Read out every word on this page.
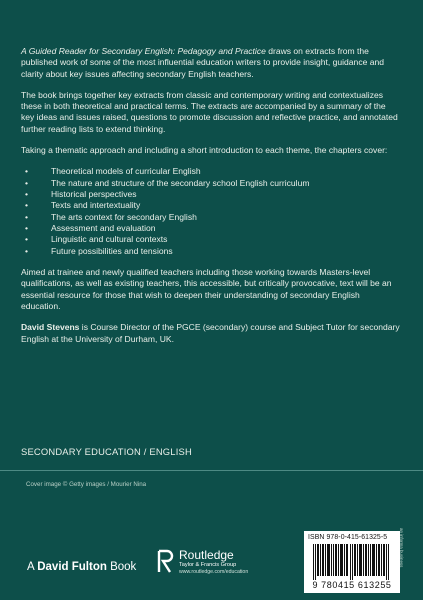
A Guided Reader for Secondary English: Pedagogy and Practice draws on extracts from the published work of some of the most influential education writers to provide insight, guidance and clarity about key issues affecting secondary English teachers.

The book brings together key extracts from classic and contemporary writing and contextualizes these in both theoretical and practical terms. The extracts are accompanied by a summary of the key ideas and issues raised, questions to promote discussion and reflective practice, and annotated further reading lists to extend thinking.

Taking a thematic approach and including a short introduction to each theme, the chapters cover:

•	Theoretical models of curricular English
•	The nature and structure of the secondary school English curriculum
•	Historical perspectives
•	Texts and intertextuality
•	The arts context for secondary English
•	Assessment and evaluation
•	Linguistic and cultural contexts
•	Future possibilities and tensions

Aimed at trainee and newly qualified teachers including those working towards Masters-level qualifications, as well as existing teachers, this accessible, but critically provocative, text will be an essential resource for those that wish to deepen their understanding of secondary English education.

David Stevens is Course Director of the PGCE (secondary) course and Subject Tutor for secondary English at the University of Durham, UK.

SECONDARY EDUCATION / ENGLISH
Cover image © Getty images / Mourier Nina
A David Fulton Book
Routledge
Taylor & Francis Group
www.routledge.com/education
ISBN 978-0-415-61325-5
9 780415 613255
an informa business
